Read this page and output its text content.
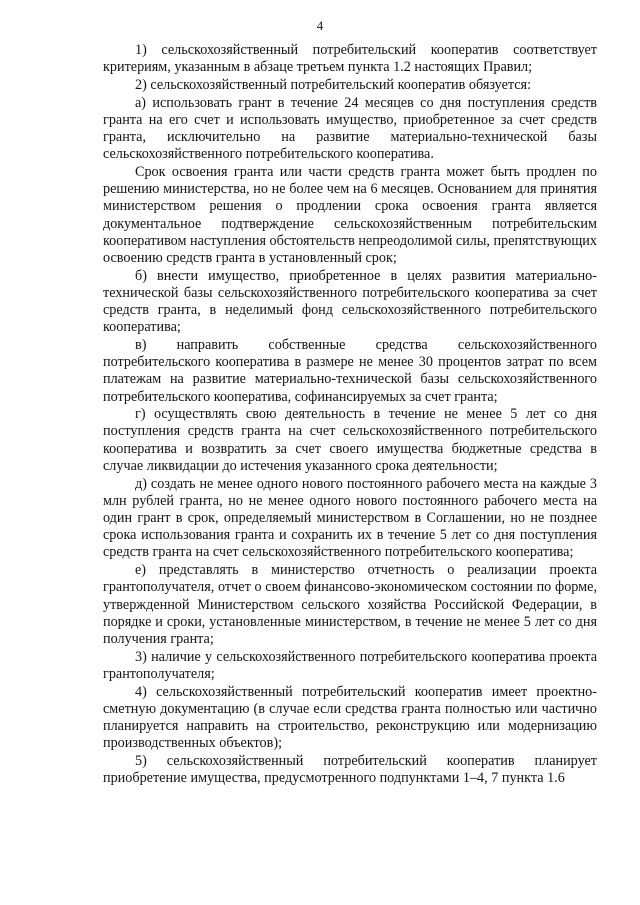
4

1) сельскохозяйственный потребительский кооператив соответствует критериям, указанным в абзаце третьем пункта 1.2 настоящих Правил;

2) сельскохозяйственный потребительский кооператив обязуется:

а) использовать грант в течение 24 месяцев со дня поступления средств гранта на его счет и использовать имущество, приобретенное за счет средств гранта, исключительно на развитие материально-технической базы сельскохозяйственного потребительского кооператива.

Срок освоения гранта или части средств гранта может быть продлен по решению министерства, но не более чем на 6 месяцев. Основанием для принятия министерством решения о продлении срока освоения гранта является документальное подтверждение сельскохозяйственным потребительским кооперативом наступления обстоятельств непреодолимой силы, препятствующих освоению средств гранта в установленный срок;

б) внести имущество, приобретенное в целях развития материально-технической базы сельскохозяйственного потребительского кооператива за счет средств гранта, в неделимый фонд сельскохозяйственного потребительского кооператива;

в) направить собственные средства сельскохозяйственного потребительского кооператива в размере не менее 30 процентов затрат по всем платежам на развитие материально-технической базы сельскохозяйственного потребительского кооператива, софинансируемых за счет гранта;

г) осуществлять свою деятельность в течение не менее 5 лет со дня поступления средств гранта на счет сельскохозяйственного потребительского кооператива и возвратить за счет своего имущества бюджетные средства в случае ликвидации до истечения указанного срока деятельности;

д) создать не менее одного нового постоянного рабочего места на каждые 3 млн рублей гранта, но не менее одного нового постоянного рабочего места на один грант в срок, определяемый министерством в Соглашении, но не позднее срока использования гранта и сохранить их в течение 5 лет со дня поступления средств гранта на счет сельскохозяйственного потребительского кооператива;

е) представлять в министерство отчетность о реализации проекта грантополучателя, отчет о своем финансово-экономическом состоянии по форме, утвержденной Министерством сельского хозяйства Российской Федерации, в порядке и сроки, установленные министерством, в течение не менее 5 лет со дня получения гранта;

3) наличие у сельскохозяйственного потребительского кооператива проекта грантополучателя;

4) сельскохозяйственный потребительский кооператив имеет проектно-сметную документацию (в случае если средства гранта полностью или частично планируется направить на строительство, реконструкцию или модернизацию производственных объектов);

5) сельскохозяйственный потребительский кооператив планирует приобретение имущества, предусмотренного подпунктами 1–4, 7 пункта 1.6
